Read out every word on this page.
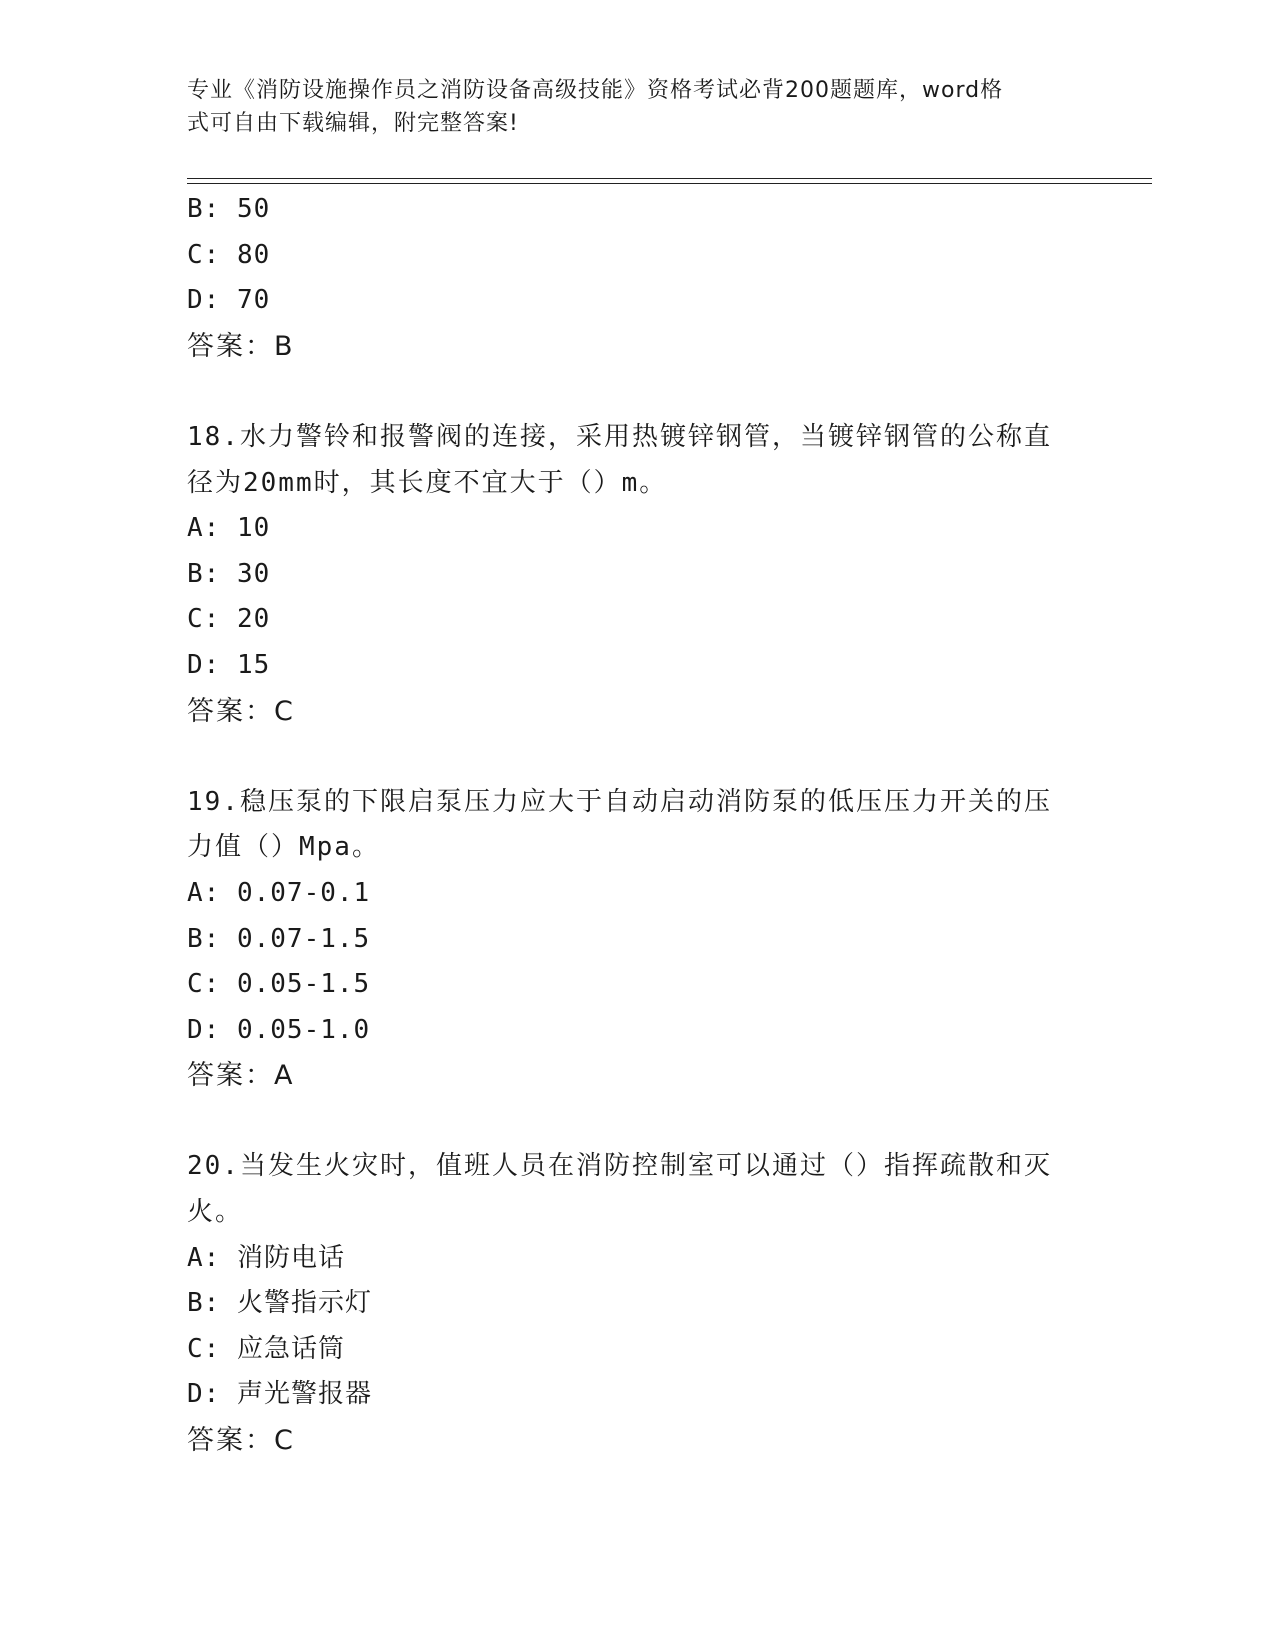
专业《消防设施操作员之消防设备高级技能》资格考试必背200题题库，word格
式可自由下载编辑，附完整答案!
B: 50
C: 80
D: 70
答案：B
18.水力警铃和报警阀的连接，采用热镀锌钢管，当镀锌钢管的公称直
径为20mm时，其长度不宜大于（）m。
A: 10
B: 30
C: 20
D: 15
答案：C
19.稳压泵的下限启泵压力应大于自动启动消防泵的低压压力开关的压
力值（）Mpa。
A: 0.07-0.1
B: 0.07-1.5
C: 0.05-1.5
D: 0.05-1.0
答案：A
20.当发生火灾时，值班人员在消防控制室可以通过（）指挥疏散和灭
火。
A: 消防电话
B: 火警指示灯
C: 应急话筒
D: 声光警报器
答案：C
